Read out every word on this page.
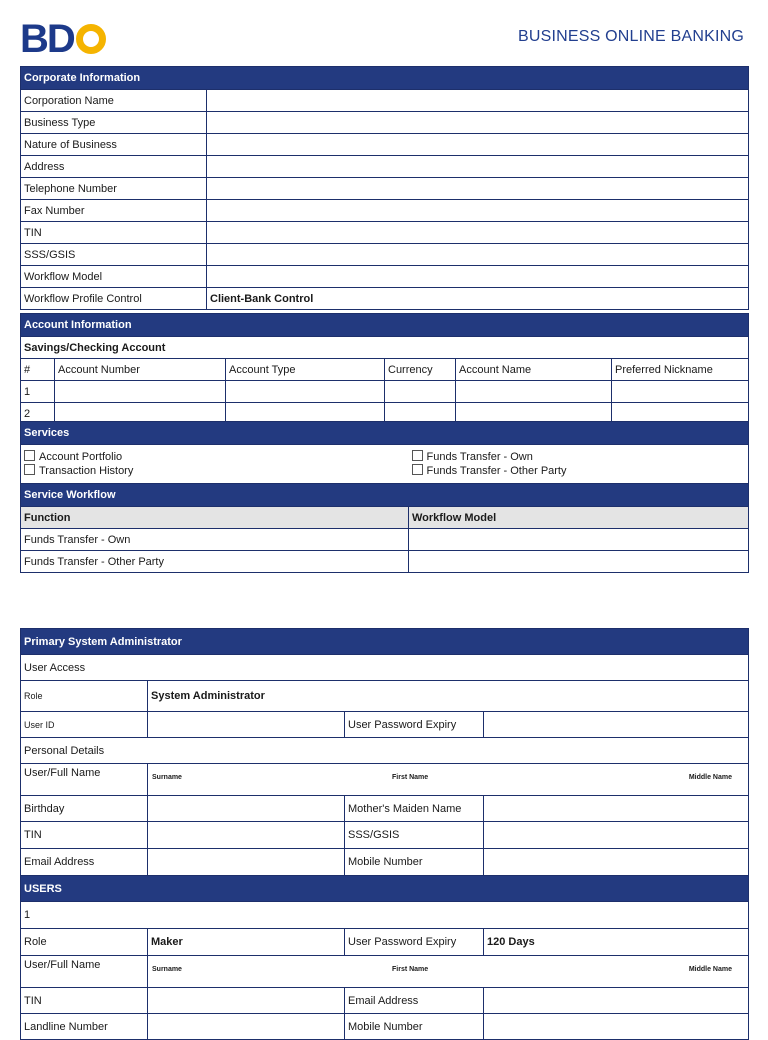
BD	BUSINESS ONLINE BANKING
Corporate Information	
Corporation Name	
Business Type	
Nature of Business	
Address	
Telephone Number	
Fax Number	
TIN	
SSS/GSIS	
Workflow Model	
Workflow Profile Control	Client-Bank Control
Account Information					
Savings/Checking Account					
#	Account Number	Account Type	Currency	Account Name	Preferred Nickname
1					
2					
Services

Account Portfolio
Transaction History

Funds Transfer - Own
Funds Transfer - Other Party
Service Workflow	
Function	Workflow Model
Funds Transfer - Own	
Funds Transfer - Other Party	
Primary System Administrator			
User Access			
Role	System Administrator		
User ID		User Password Expiry	
Personal Details			
User/Full Name	Surname First Name Middle Name		

Birthday		Mother's Maiden Name	
TIN		SSS/GSIS	
Email Address		Mobile Number	
USERS			
1			
Role	Maker	User Password Expiry	120 Days
User/Full Name	Surname First Name Middle Name		

TIN		Email Address	
Landline Number		Mobile Number	
